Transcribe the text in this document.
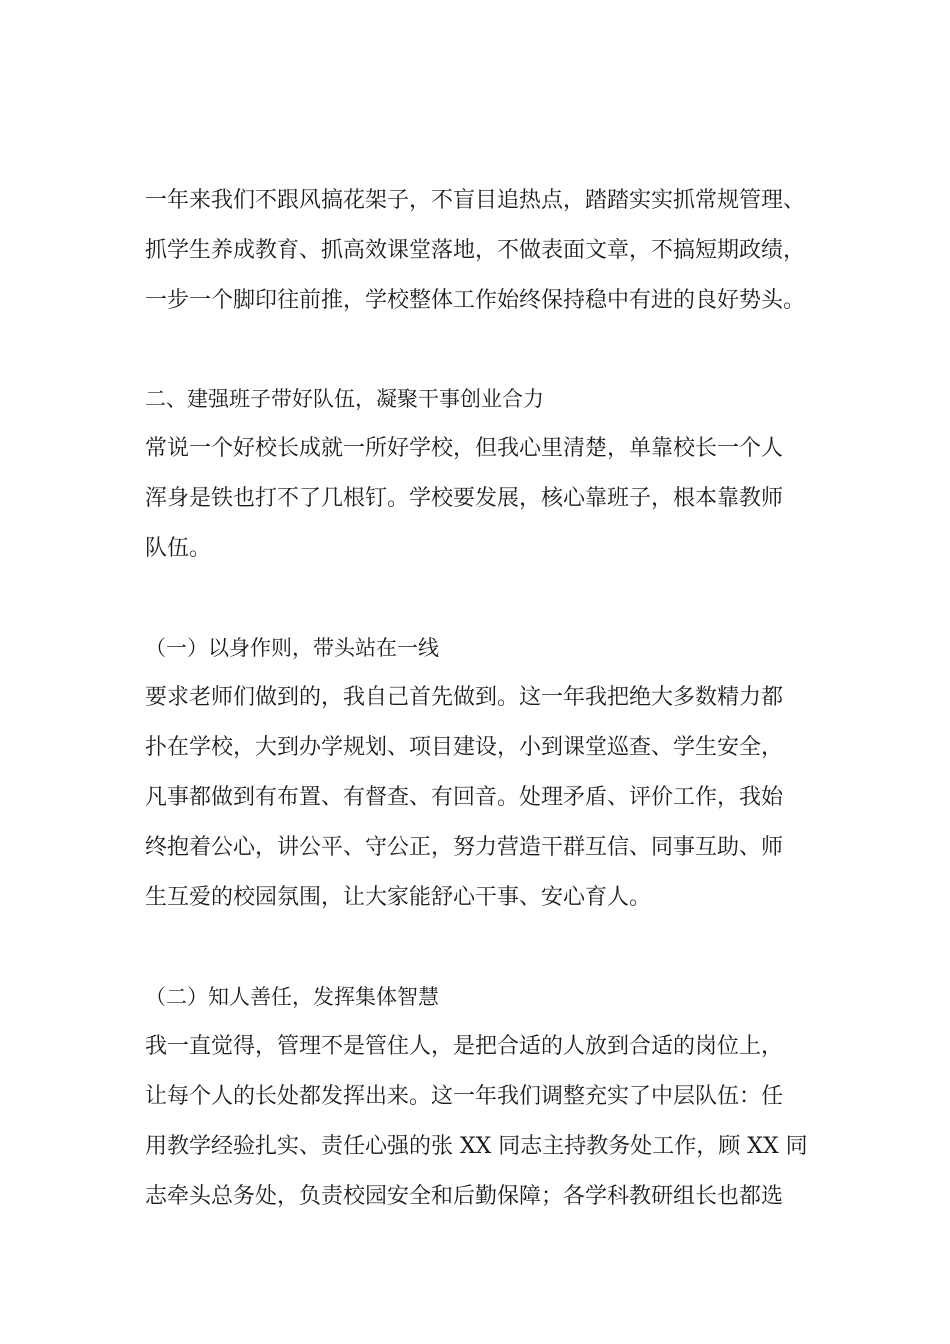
一年来我们不跟风搞花架子，不盲目追热点，踏踏实实抓常规管理、
抓学生养成教育、抓高效课堂落地，不做表面文章，不搞短期政绩，
一步一个脚印往前推，学校整体工作始终保持稳中有进的良好势头。
二、建强班子带好队伍，凝聚干事创业合力
常说一个好校长成就一所好学校，但我心里清楚，单靠校长一个人
浑身是铁也打不了几根钉。学校要发展，核心靠班子，根本靠教师
队伍。
（一）以身作则，带头站在一线
要求老师们做到的，我自己首先做到。这一年我把绝大多数精力都
扑在学校，大到办学规划、项目建设，小到课堂巡查、学生安全，
凡事都做到有布置、有督查、有回音。处理矛盾、评价工作，我始
终抱着公心，讲公平、守公正，努力营造干群互信、同事互助、师
生互爱的校园氛围，让大家能舒心干事、安心育人。
（二）知人善任，发挥集体智慧
我一直觉得，管理不是管住人，是把合适的人放到合适的岗位上，
让每个人的长处都发挥出来。这一年我们调整充实了中层队伍：任
用教学经验扎实、责任心强的张 XX 同志主持教务处工作，顾 XX 同
志牵头总务处，负责校园安全和后勤保障；各学科教研组长也都选
